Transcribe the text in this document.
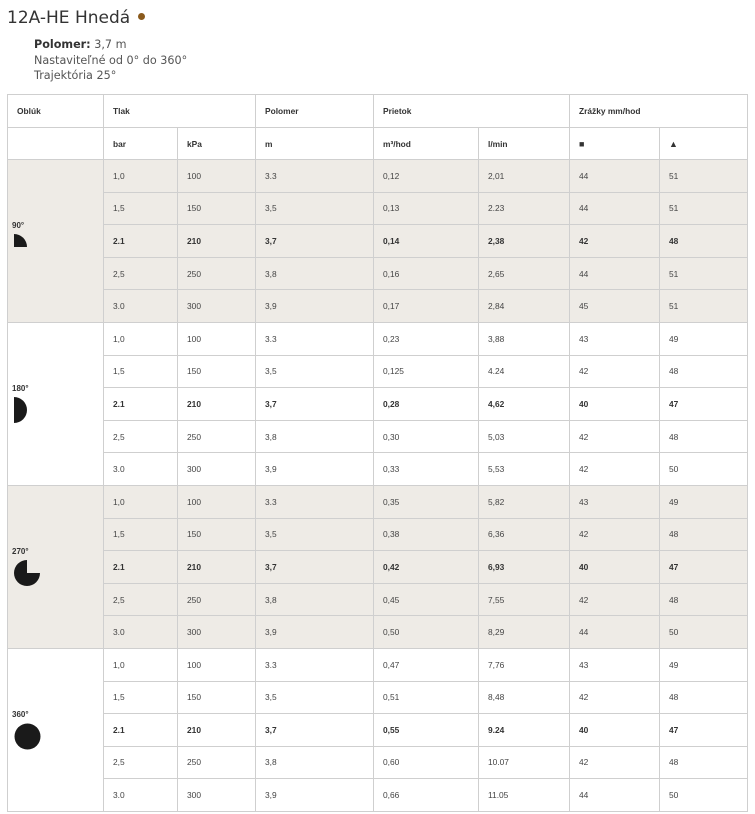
12A-HE Hnedá
Polomer: 3,7 m
Nastaviteľné od 0° do 360°
Trajektória 25°
Oblúk	Tlak		Polomer	Prietok		Zrážky mm/hod	
	bar	kPa	m	m³/hod	l/min	■	▲

90°	1,0	100	3.3	0,12	2,01	44	51
	1,5	150	3,5	0,13	2.23	44	51
	2.1	210	3,7	0,14	2,38	42	48
	2,5	250	3,8	0,16	2,65	44	51
	3.0	300	3,9	0,17	2,84	45	51

180°	1,0	100	3.3	0,23	3,88	43	49
	1,5	150	3,5	0,125	4.24	42	48
	2.1	210	3,7	0,28	4,62	40	47
	2,5	250	3,8	0,30	5,03	42	48
	3.0	300	3,9	0,33	5,53	42	50

270°	1,0	100	3.3	0,35	5,82	43	49
	1,5	150	3,5	0,38	6,36	42	48
	2.1	210	3,7	0,42	6,93	40	47
	2,5	250	3,8	0,45	7,55	42	48
	3.0	300	3,9	0,50	8,29	44	50

360°	1,0	100	3.3	0,47	7,76	43	49
	1,5	150	3,5	0,51	8,48	42	48
	2.1	210	3,7	0,55	9.24	40	47
	2,5	250	3,8	0,60	10.07	42	48
	3.0	300	3,9	0,66	11.05	44	50
